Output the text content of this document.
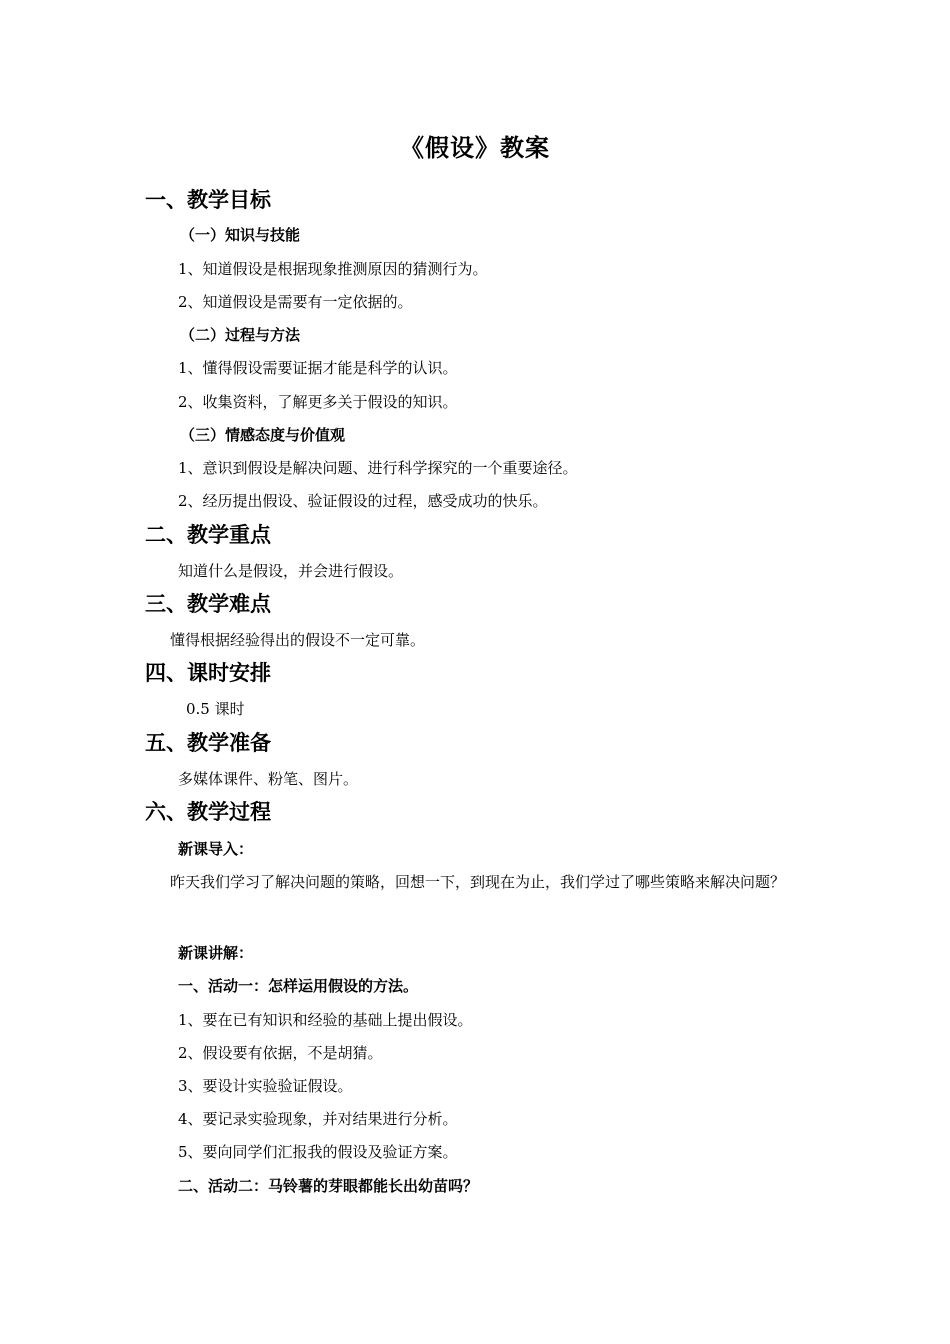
《假设》教案
一、教学目标
（一）知识与技能
1、知道假设是根据现象推测原因的猜测行为。
2、知道假设是需要有一定依据的。
（二）过程与方法
1、懂得假设需要证据才能是科学的认识。
2、收集资料，了解更多关于假设的知识。
（三）情感态度与价值观
1、意识到假设是解决问题、进行科学探究的一个重要途径。
2、经历提出假设、验证假设的过程，感受成功的快乐。
二、教学重点
知道什么是假设，并会进行假设。
三、教学难点
懂得根据经验得出的假设不一定可靠。
四、课时安排
0.5 课时
五、教学准备
多媒体课件、粉笔、图片。
六、教学过程
新课导入：
昨天我们学习了解决问题的策略，回想一下，到现在为止，我们学过了哪些策略来解决问题？
新课讲解：
一、活动一：怎样运用假设的方法。
1、要在已有知识和经验的基础上提出假设。
2、假设要有依据，不是胡猜。
3、要设计实验验证假设。
4、要记录实验现象，并对结果进行分析。
5、要向同学们汇报我的假设及验证方案。
二、活动二：马铃薯的芽眼都能长出幼苗吗？
